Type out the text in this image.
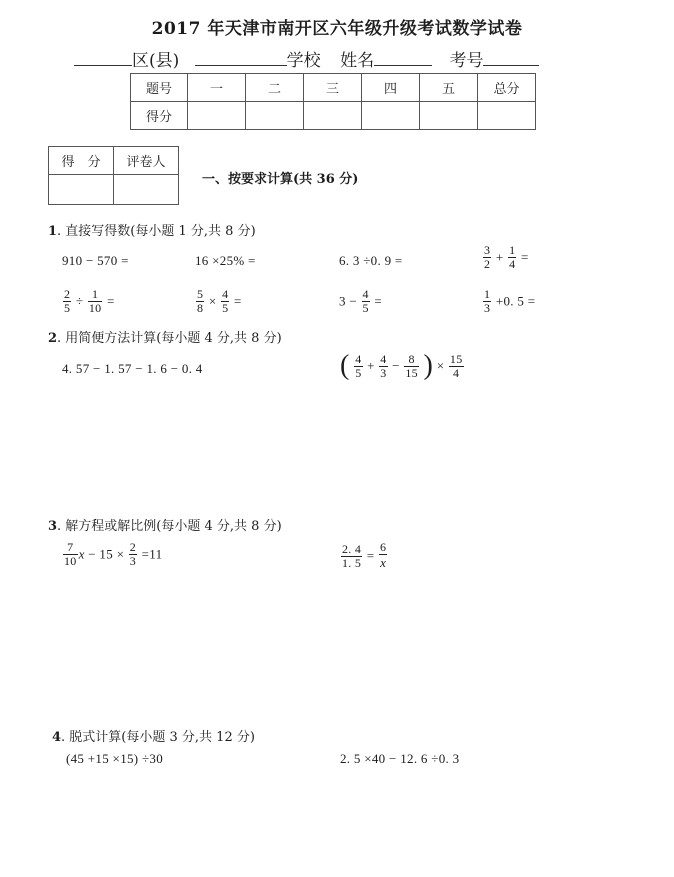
2017 年天津市南开区六年级升级考试数学试卷
区(县)	学校 姓名	考号
题号	一	二	三	四	五	总分
得分						
得　分	评卷人

一、按要求计算(共 36 分)
1. 直接写得数(每小题 1 分,共 8 分)
910 − 570 =	16 ×25% =	6. 3 ÷0. 9 =	$\frac{3}{2} + \frac{1}{4}$ =
$\frac{2}{5} \div \frac{1}{10}$ =	$\frac{5}{8} \times \frac{4}{5}$ =	$3 - \frac{4}{5}$ =	$\frac{1}{3} +0$. 5 =
2. 用简便方法计算(每小题 4 分,共 8 分)
4. 57 − 1. 57 − 1. 6 − 0. 4	( $\frac{4}{5} + \frac{4}{3} - \frac{8}{15}$ ) × $\frac{15}{4}$
3. 解方程或解比例(每小题 4 分,共 8 分)
$\frac{7}{10}$ $x - 15 \times \frac{2}{3} =11$	$\frac{2. 4}{1. 5} = \frac{6}{x}$
4. 脱式计算(每小题 3 分,共 12 分)
(45 +15 ×15) ÷30	2. 5 ×40 − 12. 6 ÷0. 3
